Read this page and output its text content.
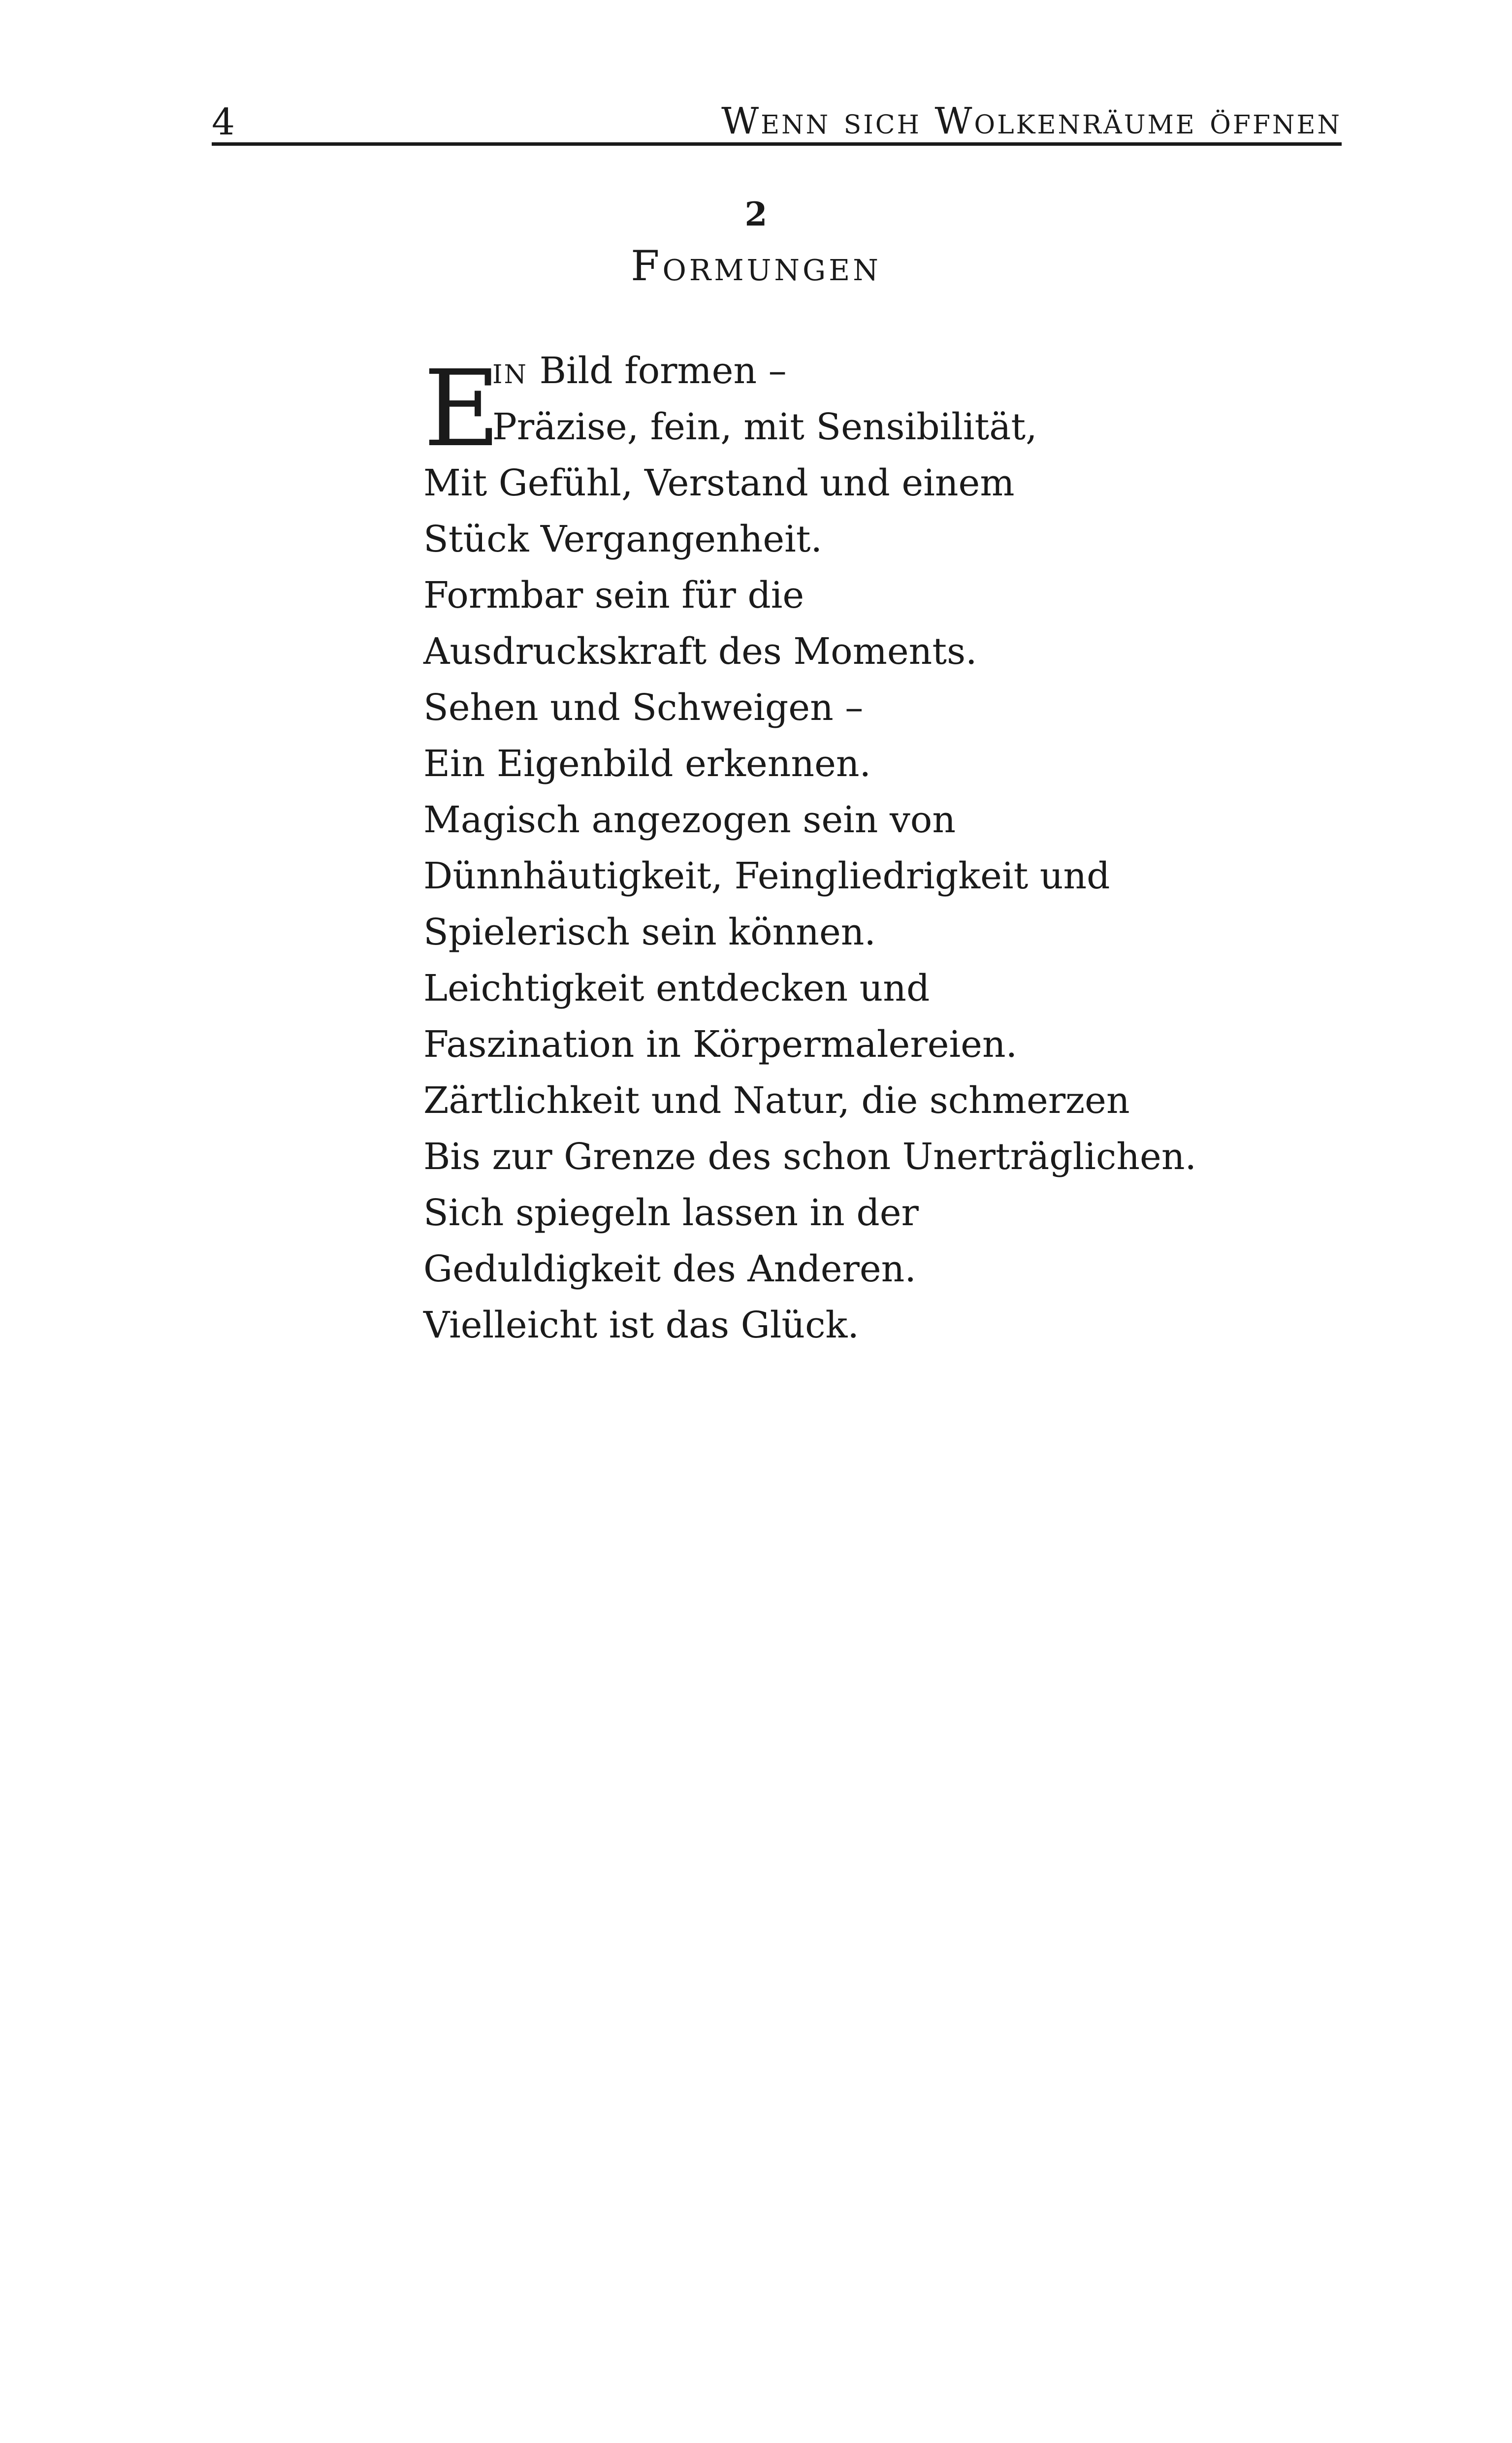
4	Wenn sich Wolkenräume öffnen
2
Formungen
E
in Bild formen –
Präzise, fein, mit Sensibilität,
Mit Gefühl, Verstand und einem
Stück Vergangenheit.
Formbar sein für die
Ausdruckskraft des Moments.
Sehen und Schweigen –
Ein Eigenbild erkennen.
Magisch angezogen sein von
Dünnhäutigkeit, Feingliedrigkeit und
Spielerisch sein können.
Leichtigkeit entdecken und
Faszination in Körpermalereien.
Zärtlichkeit und Natur, die schmerzen
Bis zur Grenze des schon Unerträglichen.
Sich spiegeln lassen in der
Geduldigkeit des Anderen.
Vielleicht ist das Glück.
